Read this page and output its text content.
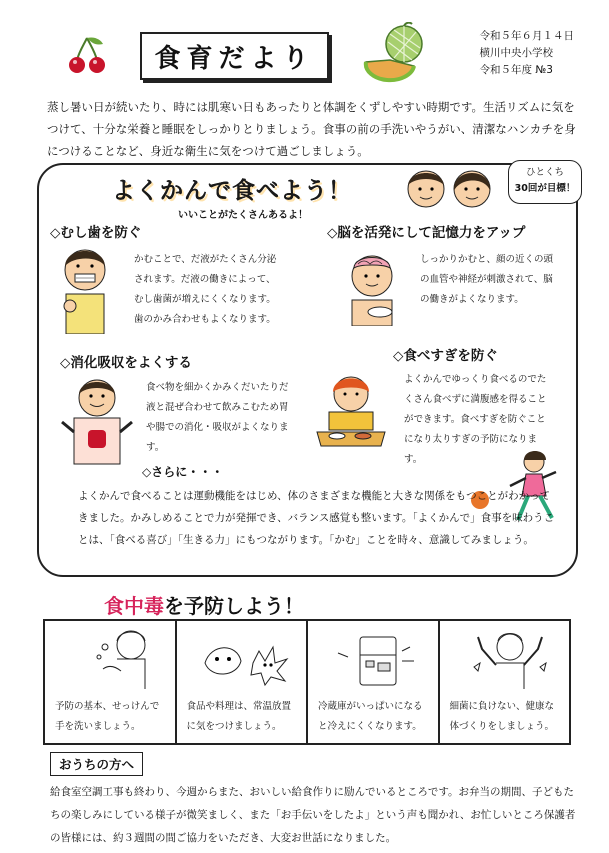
食育だより
令和５年６月１４日
横川中央小学校
令和５年度 №3
蒸し暑い日が続いたり、時には肌寒い日もあったりと体調をくずしやすい時期です。生活リズムに気をつけて、十分な栄養と睡眠をしっかりとりましょう。食事の前の手洗いやうがい、清潔なハンカチを身につけることなど、身近な衛生に気をつけて過ごしましょう。
よくかんで食べよう！
いいことがたくさんあるよ！
ひとくち
30回が目標！
◇むし歯を防ぐ
かむことで、だ液がたくさん分泌されます。だ液の働きによって、むし歯菌が増えにくくなります。歯のかみ合わせもよくなります。
◇脳を活発にして記憶力をアップ
しっかりかむと、顔の近くの頭の血管や神経が刺激されて、脳の働きがよくなります。
◇消化吸収をよくする
食べ物を細かくかみくだいたりだ液と混ぜ合わせて飲みこむため胃や腸での消化・吸収がよくなります。
◇食べすぎを防ぐ
よくかんでゆっくり食べるのでたくさん食べずに満腹感を得ることができます。食べすぎを防ぐことになり太りすぎの予防になります。
◇さらに・・・
よくかんで食べることは運動機能をはじめ、体のさまざまな機能と大きな関係をもつことがわかってきました。かみしめることで力が発揮でき、バランス感覚も整います。「よくかんで」食事を味わうことは、「食べる喜び」「生きる力」にもつながります。「かむ」ことを時々、意識してみましょう。
食中毒を予防しよう！
予防の基本、せっけんで手を洗いましょう。
食品や料理は、常温放置に気をつけましょう。
冷蔵庫がいっぱいになると冷えにくくなります。
細菌に負けない、健康な体づくりをしましょう。
おうちの方へ
給食室空調工事も終わり、今週からまた、おいしい給食作りに励んでいるところです。お弁当の期間、子どもたちの楽しみにしている様子が微笑ましく、また「お手伝いをしたよ」という声も聞かれ、お忙しいところ保護者の皆様には、約３週間の間ご協力をいただき、大変お世話になりました。
